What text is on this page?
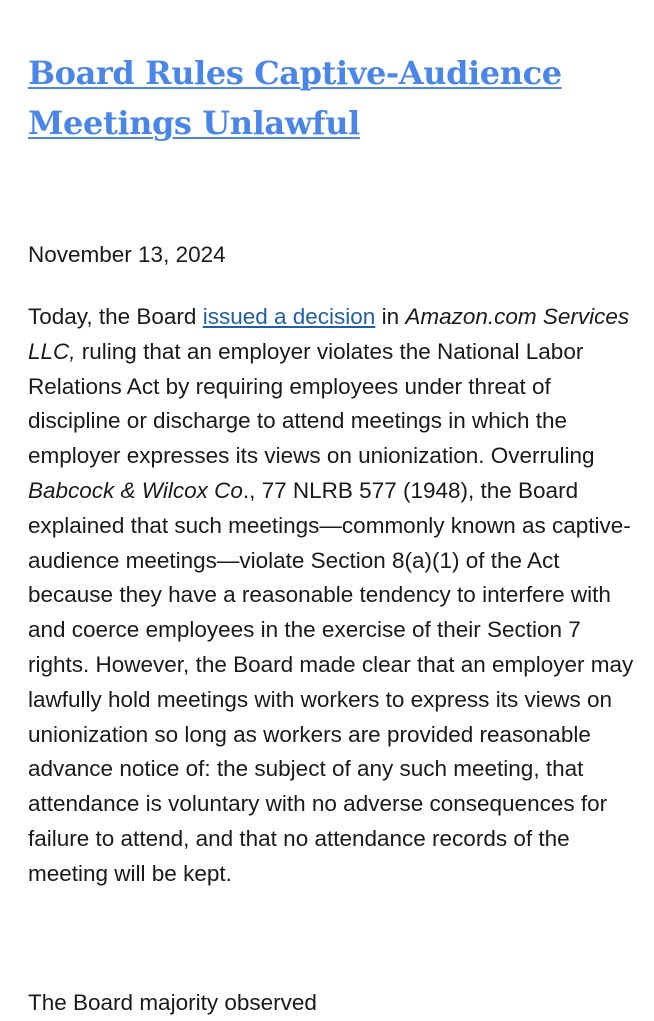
Board Rules Captive-Audience
Meetings Unlawful

November 13, 2024

Today, the Board issued a decision in Amazon.com Services LLC, ruling that an employer violates the National Labor Relations Act by requiring employees under threat of discipline or discharge to attend meetings in which the employer expresses its views on unionization. Overruling Babcock & Wilcox Co., 77 NLRB 577 (1948), the Board explained that such meetings—commonly known as captive-audience meetings—violate Section 8(a)(1) of the Act because they have a reasonable tendency to interfere with and coerce employees in the exercise of their Section 7 rights. However, the Board made clear that an employer may lawfully hold meetings with workers to express its views on unionization so long as workers are provided reasonable advance notice of: the subject of any such meeting, that attendance is voluntary with no adverse consequences for failure to attend, and that no attendance records of the meeting will be kept.

The Board majority observed
